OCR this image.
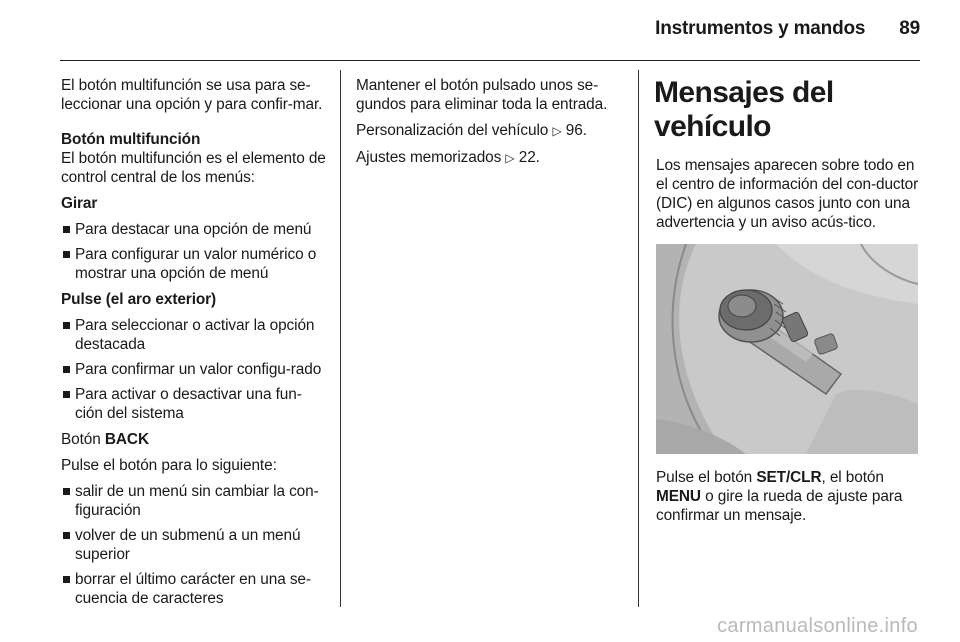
Instrumentos y mandos 89

El botón multifunción se usa para se-leccionar una opción y para confir-mar.

Botón multifunción

El botón multifunción es el elemento de control central de los menús:

Girar

Para destacar una opción de menú
Para configurar un valor numérico o mostrar una opción de menú

Pulse (el aro exterior)

Para seleccionar o activar la opción destacada
Para confirmar un valor configu-rado
Para activar o desactivar una fun-ción del sistema

Botón BACK

Pulse el botón para lo siguiente:

salir de un menú sin cambiar la con-figuración
volver de un submenú a un menú superior
borrar el último carácter en una se-cuencia de caracteres

Mantener el botón pulsado unos se-gundos para eliminar toda la entrada.

Personalización del vehículo ▷ 96.

Ajustes memorizados ▷ 22.

Mensajes del vehículo

Los mensajes aparecen sobre todo en el centro de información del con-ductor (DIC) en algunos casos junto con una advertencia y un aviso acús-tico.

Pulse el botón SET/CLR, el botón MENU o gire la rueda de ajuste para confirmar un mensaje.

carmanualsonline.info
